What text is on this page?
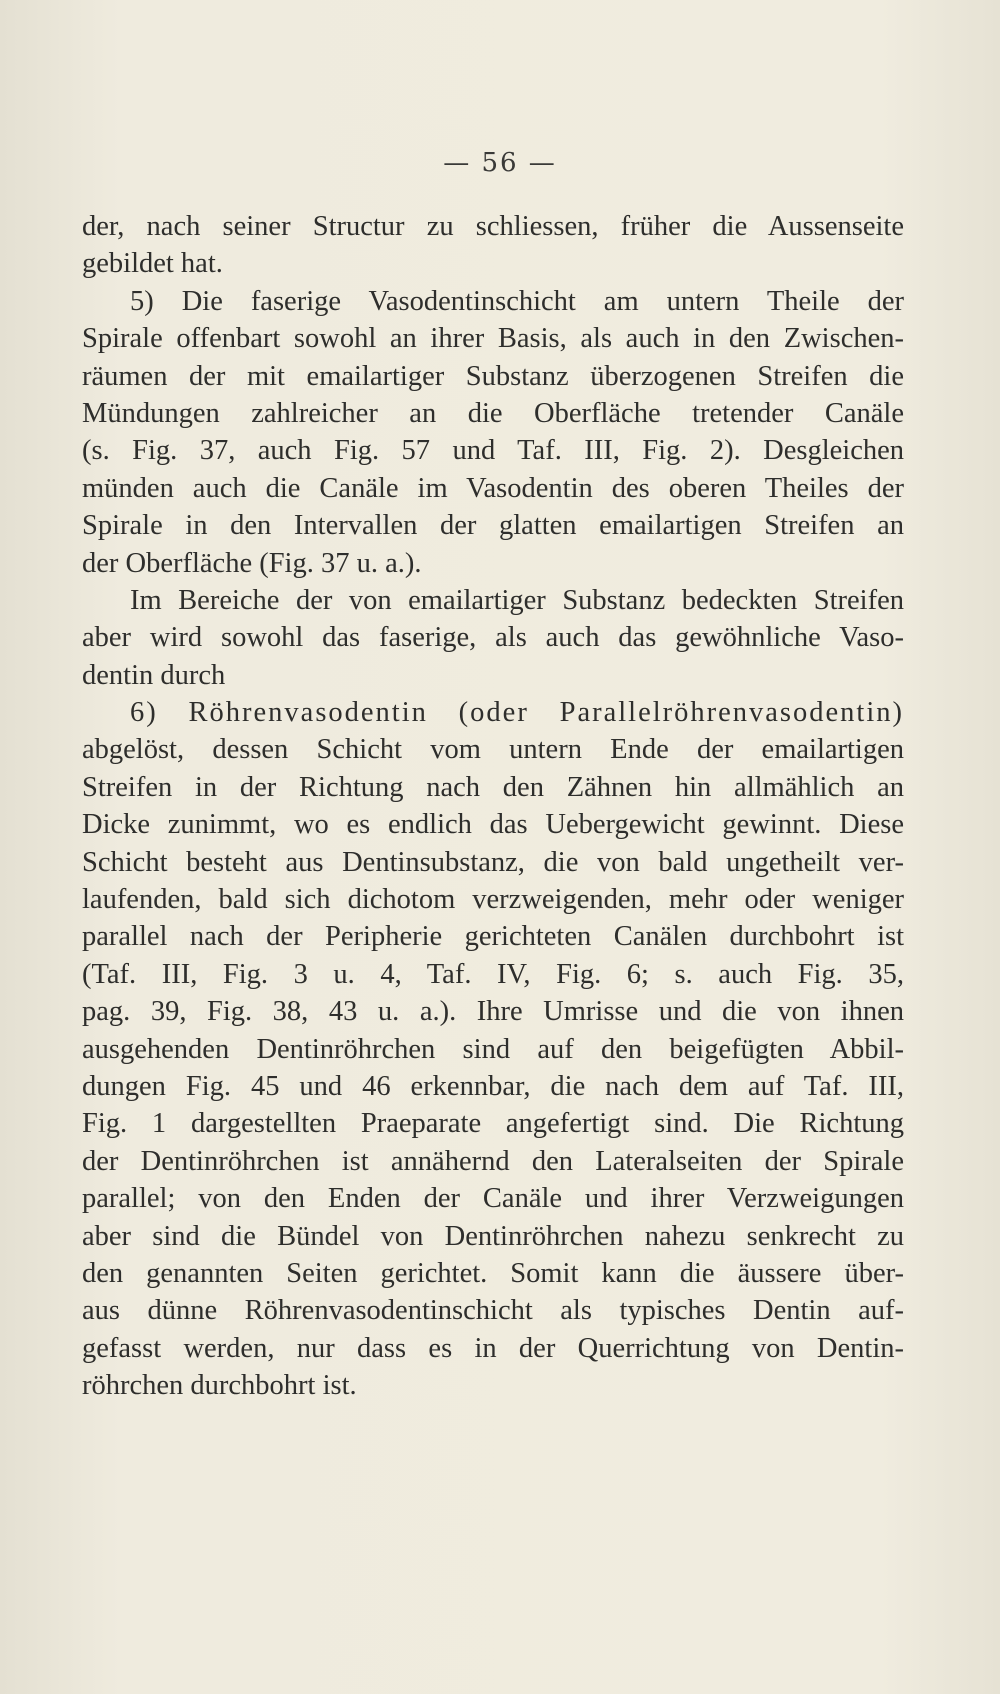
— 56 —
der, nach seiner Structur zu schliessen, früher die Aussenseite
gebildet hat.
5) Die faserige Vasodentinschicht am untern Theile der
Spirale offenbart sowohl an ihrer Basis, als auch in den Zwischen-
räumen der mit emailartiger Substanz überzogenen Streifen die
Mündungen zahlreicher an die Oberfläche tretender Canäle
(s. Fig. 37, auch Fig. 57 und Taf. III, Fig. 2). Desgleichen
münden auch die Canäle im Vasodentin des oberen Theiles der
Spirale in den Intervallen der glatten emailartigen Streifen an
der Oberfläche (Fig. 37 u. a.).
Im Bereiche der von emailartiger Substanz bedeckten Streifen
aber wird sowohl das faserige, als auch das gewöhnliche Vaso-
dentin durch
6) Röhrenvasodentin (oder Parallelröhrenvasodentin)
abgelöst, dessen Schicht vom untern Ende der emailartigen
Streifen in der Richtung nach den Zähnen hin allmählich an
Dicke zunimmt, wo es endlich das Uebergewicht gewinnt. Diese
Schicht besteht aus Dentinsubstanz, die von bald ungetheilt ver-
laufenden, bald sich dichotom verzweigenden, mehr oder weniger
parallel nach der Peripherie gerichteten Canälen durchbohrt ist
(Taf. III, Fig. 3 u. 4, Taf. IV, Fig. 6; s. auch Fig. 35,
pag. 39, Fig. 38, 43 u. a.). Ihre Umrisse und die von ihnen
ausgehenden Dentinröhrchen sind auf den beigefügten Abbil-
dungen Fig. 45 und 46 erkennbar, die nach dem auf Taf. III,
Fig. 1 dargestellten Praeparate angefertigt sind. Die Richtung
der Dentinröhrchen ist annähernd den Lateralseiten der Spirale
parallel; von den Enden der Canäle und ihrer Verzweigungen
aber sind die Bündel von Dentinröhrchen nahezu senkrecht zu
den genannten Seiten gerichtet. Somit kann die äussere über-
aus dünne Röhrenvasodentinschicht als typisches Dentin auf-
gefasst werden, nur dass es in der Querrichtung von Dentin-
röhrchen durchbohrt ist.
